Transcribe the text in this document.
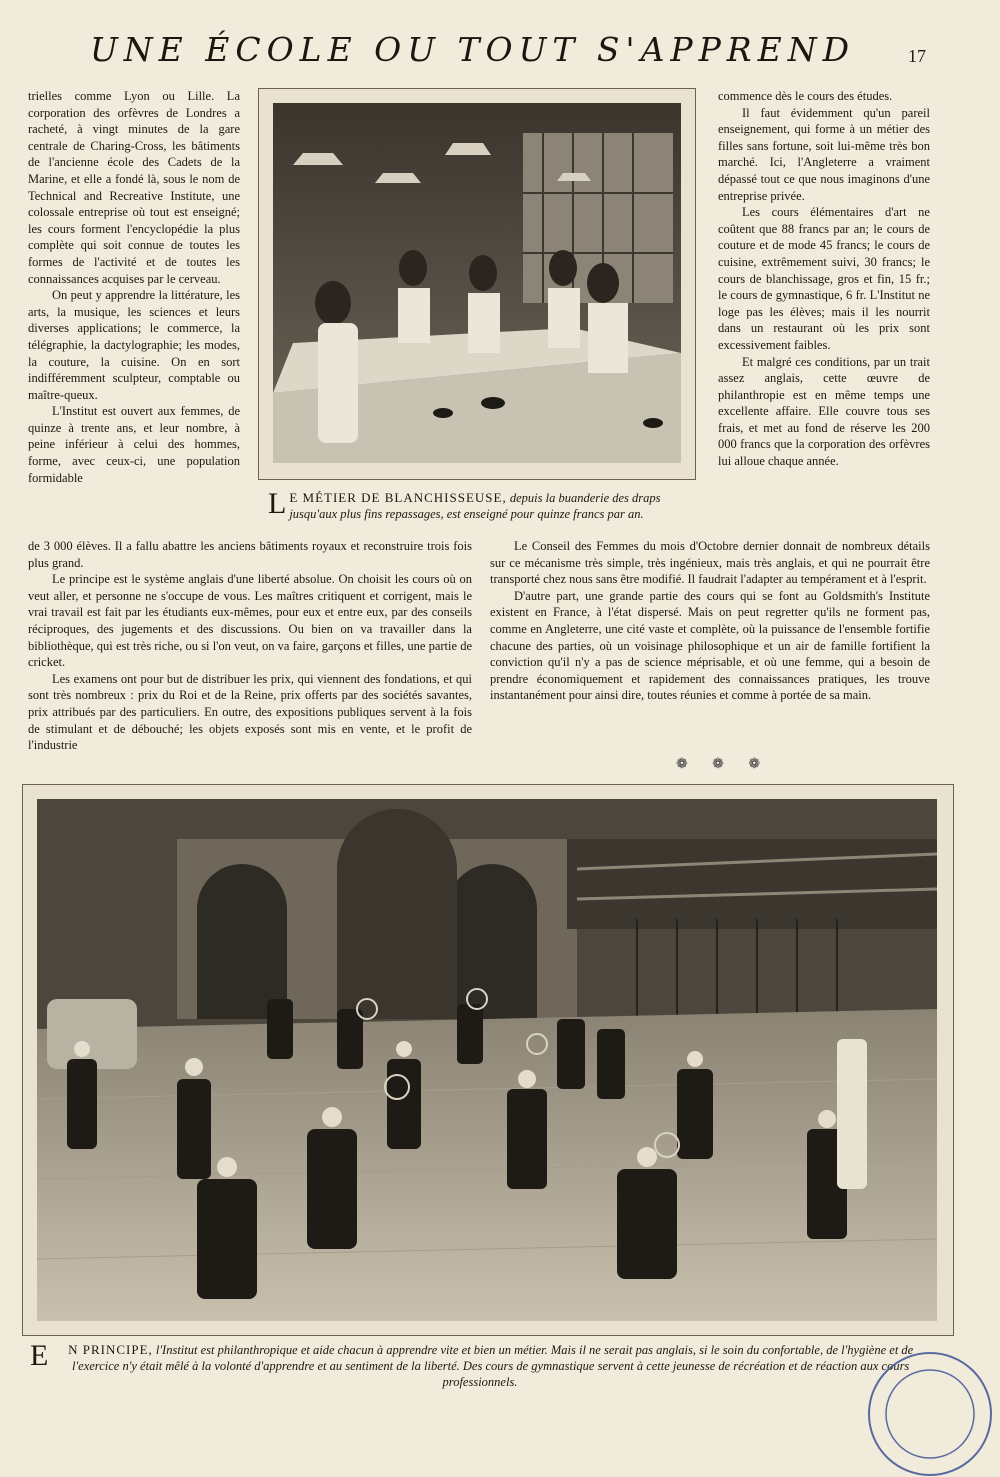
UNE ÉCOLE OU TOUT S'APPREND	17

trielles comme Lyon ou Lille. La corporation des orfèvres de Londres a racheté, à vingt minutes de la gare centrale de Charing-Cross, les bâtiments de l'ancienne école des Cadets de la Marine, et elle a fondé là, sous le nom de Technical and Recreative Institute, une colossale entreprise où tout est enseigné; les cours forment l'encyclopédie la plus complète qui soit connue de toutes les formes de l'activité et de toutes les connaissances acquises par le cerveau.

On peut y apprendre la littérature, les arts, la musique, les sciences et leurs diverses applications; le commerce, la télégraphie, la dactylographie; les modes, la couture, la cuisine. On en sort indifféremment sculpteur, comptable ou maître-queux.

L'Institut est ouvert aux femmes, de quinze à trente ans, et leur nombre, à peine inférieur à celui des hommes, forme, avec ceux-ci, une population formidable

L E MÉTIER DE BLANCHISSEUSE, depuis la buanderie des draps jusqu'aux plus fins repassages, est enseigné pour quinze francs par an.

commence dès le cours des études.

Il faut évidemment qu'un pareil enseignement, qui forme à un métier des filles sans fortune, soit lui-même très bon marché. Ici, l'Angleterre a vraiment dépassé tout ce que nous imaginons d'une entreprise privée.

Les cours élémentaires d'art ne coûtent que 88 francs par an; le cours de couture et de mode 45 francs; le cours de cuisine, extrêmement suivi, 30 francs; le cours de blanchissage, gros et fin, 15 fr.; le cours de gymnastique, 6 fr. L'Institut ne loge pas les élèves; mais il les nourrit dans un restaurant où les prix sont excessivement faibles.

Et malgré ces conditions, par un trait assez anglais, cette œuvre de philanthropie est en même temps une excellente affaire. Elle couvre tous ses frais, et met au fond de réserve les 200 000 francs que la corporation des orfèvres lui alloue chaque année.

de 3 000 élèves. Il a fallu abattre les anciens bâtiments royaux et reconstruire trois fois plus grand.

Le principe est le système anglais d'une liberté absolue. On choisit les cours où on veut aller, et personne ne s'occupe de vous. Les maîtres critiquent et corrigent, mais le vrai travail est fait par les étudiants eux-mêmes, pour eux et entre eux, par des conseils réciproques, des jugements et des discussions. Ou bien on va travailler dans la bibliothèque, qui est très riche, ou si l'on veut, on va faire, garçons et filles, une partie de cricket.

Les examens ont pour but de distribuer les prix, qui viennent des fondations, et qui sont très nombreux : prix du Roi et de la Reine, prix offerts par des sociétés savantes, prix attribués par des particuliers. En outre, des expositions publiques servent à la fois de stimulant et de débouché; les objets exposés sont mis en vente, et le profit de l'industrie

Le Conseil des Femmes du mois d'Octobre dernier donnait de nombreux détails sur ce mécanisme très simple, très ingénieux, mais très anglais, et qui ne pourrait être transporté chez nous sans être modifié. Il faudrait l'adapter au tempérament et à l'esprit.

D'autre part, une grande partie des cours qui se font au Goldsmith's Institute existent en France, à l'état dispersé. Mais on peut regretter qu'ils ne forment pas, comme en Angleterre, une cité vaste et complète, où la puissance de l'ensemble fortifie chacune des parties, où un voisinage philosophique et un air de famille fortifient la conviction qu'il n'y a pas de science méprisable, et où une femme, qui a besoin de prendre économiquement et rapidement des connaissances pratiques, les trouve instantanément pour ainsi dire, toutes réunies et comme à portée de sa main.

❁ ❁ ❁
E N PRINCIPE, l'Institut est philanthropique et aide chacun à apprendre vite et bien un métier. Mais il ne serait pas anglais, si le soin du confortable, de l'hygiène et de l'exercice n'y était mêlé à la volonté d'apprendre et au sentiment de la liberté. Des cours de gymnastique servent à cette jeunesse de récréation et de réaction aux cours professionnels.
